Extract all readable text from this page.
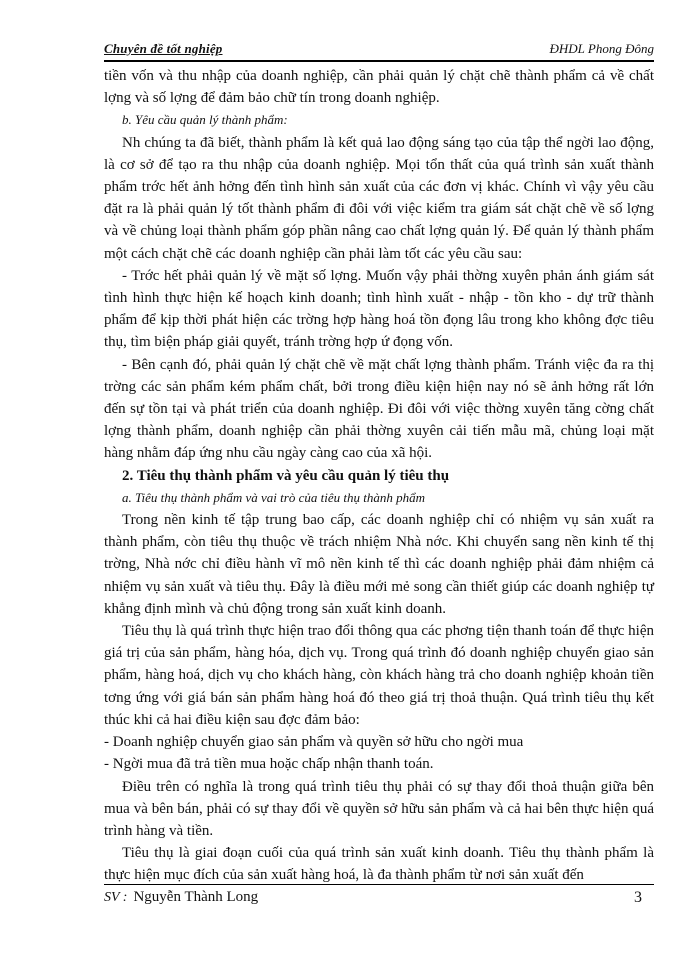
Chuyên đề tốt nghiệp	ĐHDL Phong Đông

tiền vốn và thu nhập của doanh nghiệp, cần phải quản lý chặt chẽ thành phẩm cả về chất lợng và số lợng để đảm bảo chữ tín trong doanh nghiệp.

b. Yêu cầu quản lý thành phẩm:

Nh chúng ta đã biết, thành phẩm là kết quả lao động sáng tạo của tập thể ngời lao động, là cơ sở để tạo ra thu nhập của doanh nghiệp. Mọi tổn thất của quá trình sản xuất thành phẩm trớc hết ảnh hởng đến tình hình sản xuất của các đơn vị khác. Chính vì vậy yêu cầu đặt ra là phải quản lý tốt thành phẩm đi đôi với việc kiểm tra giám sát chặt chẽ về số lợng và về chủng loại thành phẩm góp phần nâng cao chất lợng quản lý. Để quản lý thành phẩm một cách chặt chẽ các doanh nghiệp cần phải làm tốt các yêu cầu sau:

- Trớc hết phải quản lý về mặt số lợng. Muốn vậy phải thờng xuyên phản ánh giám sát tình hình thực hiện kế hoạch kinh doanh; tình hình xuất - nhập - tồn kho - dự trữ thành phẩm để kịp thời phát hiện các trờng hợp hàng hoá tồn đọng lâu trong kho không đợc tiêu thụ, tìm biện pháp giải quyết, tránh trờng hợp ứ đọng vốn.

- Bên cạnh đó, phải quản lý chặt chẽ về mặt chất lợng thành phẩm. Tránh việc đa ra thị trờng các sản phẩm kém phẩm chất, bởi trong điều kiện hiện nay nó sẽ ảnh hởng rất lớn đến sự tồn tại và phát triển của doanh nghiệp. Đi đôi với việc thờng xuyên tăng cờng chất lợng thành phẩm, doanh nghiệp cần phải thờng xuyên cải tiến mẫu mã, chủng loại mặt hàng nhằm đáp ứng nhu cầu ngày càng cao của xã hội.

2. Tiêu thụ thành phẩm và yêu cầu quản lý tiêu thụ

a. Tiêu thụ thành phẩm và vai trò của tiêu thụ thành phẩm

Trong nền kinh tế tập trung bao cấp, các doanh nghiệp chỉ có nhiệm vụ sản xuất ra thành phẩm, còn tiêu thụ thuộc về trách nhiệm Nhà nớc. Khi chuyển sang nền kinh tế thị trờng, Nhà nớc chỉ điều hành vĩ mô nền kinh tế thì các doanh nghiệp phải đảm nhiệm cả nhiệm vụ sản xuất và tiêu thụ. Đây là điều mới mẻ song cần thiết giúp các doanh nghiệp tự khẳng định mình và chủ động trong sản xuất kinh doanh.

Tiêu thụ là quá trình thực hiện trao đổi thông qua các phơng tiện thanh toán để thực hiện giá trị của sản phẩm, hàng hóa, dịch vụ. Trong quá trình đó doanh nghiệp chuyển giao sản phẩm, hàng hoá, dịch vụ cho khách hàng, còn khách hàng trả cho doanh nghiệp khoản tiền tơng ứng với giá bán sản phẩm hàng hoá đó theo giá trị thoả thuận. Quá trình tiêu thụ kết thúc khi cả hai điều kiện sau đợc đảm bảo:

- Doanh nghiệp chuyển giao sản phẩm và quyền sở hữu cho ngời mua

- Ngời mua đã trả tiền mua hoặc chấp nhận thanh toán.

Điều trên có nghĩa là trong quá trình tiêu thụ phải có sự thay đổi thoả thuận giữa bên mua và bên bán, phải có sự thay đổi về quyền sở hữu sản phẩm và cả hai bên thực hiện quá trình hàng và tiền.

Tiêu thụ là giai đoạn cuối của quá trình sản xuất kinh doanh. Tiêu thụ thành phẩm là thực hiện mục đích của sản xuất hàng hoá, là đa thành phẩm từ nơi sản xuất đến

SV : Nguyễn Thành Long	3
